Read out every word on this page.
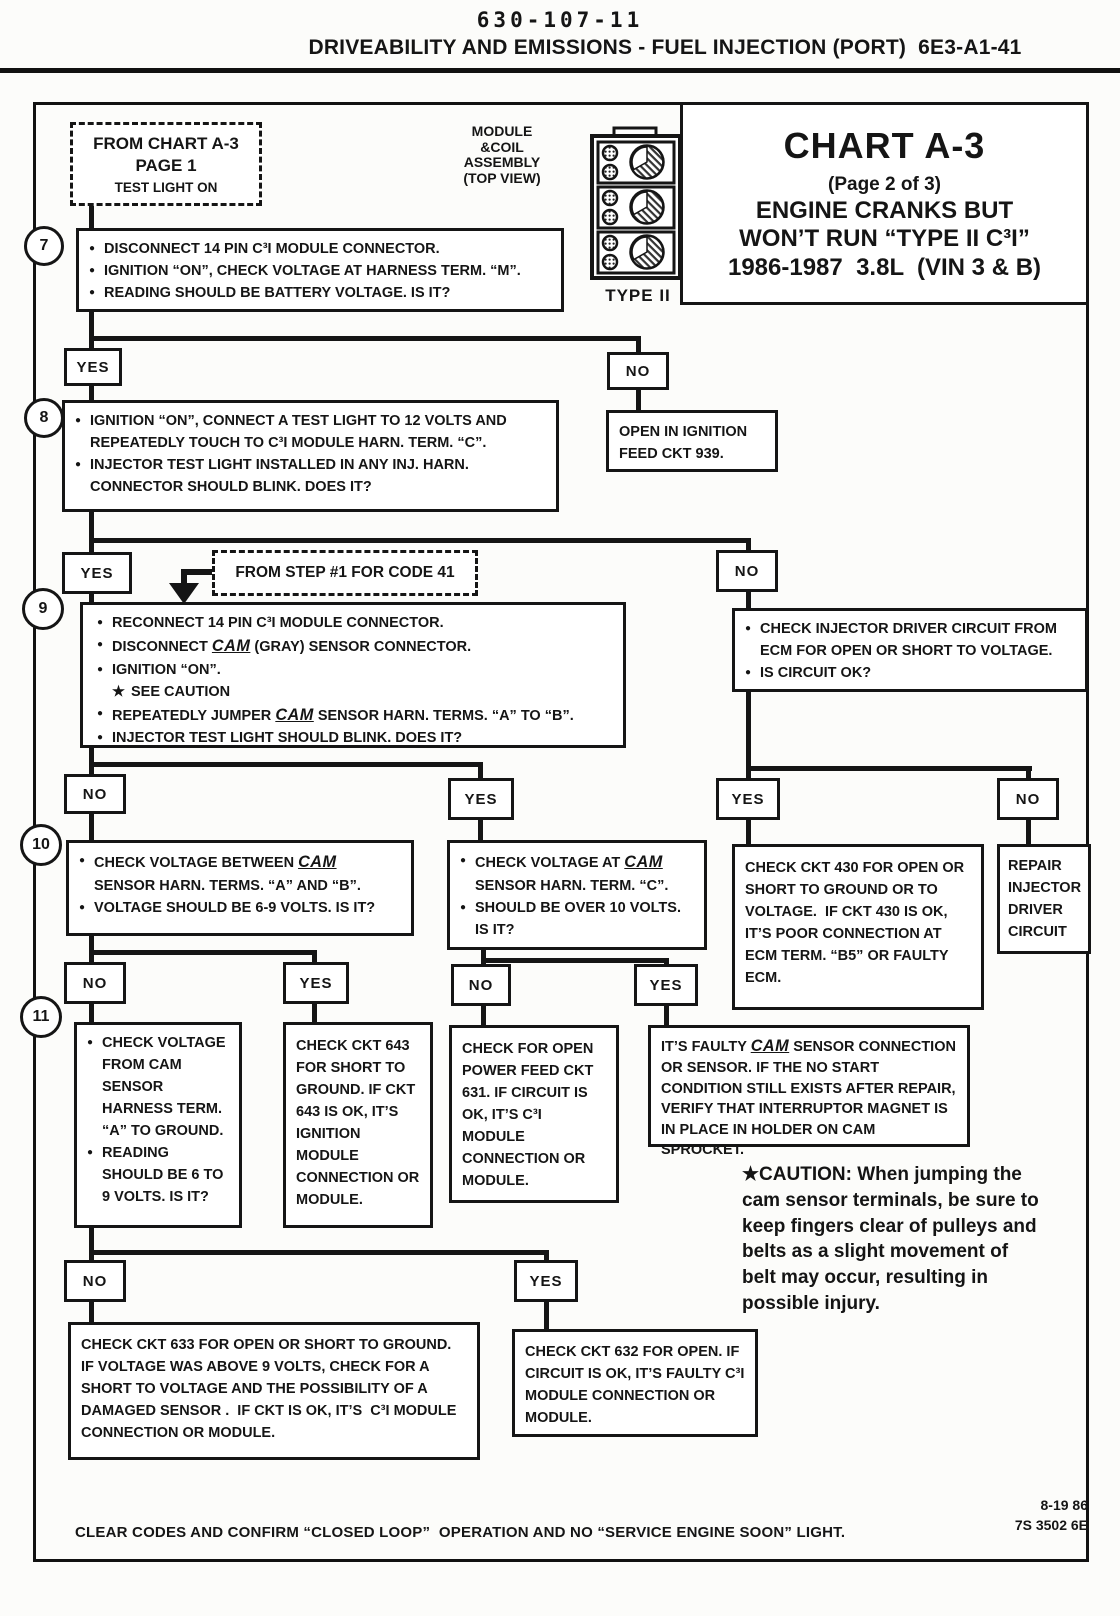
630-107-11
DRIVEABILITY AND EMISSIONS - FUEL INJECTION (PORT)  6E3-A1-41
CHART A-3
(Page 2 of 3)
ENGINE CRANKS BUT
WON’T RUN “TYPE II C³I”
1986-1987  3.8L  (VIN 3 & B)
FROM CHART A-3
PAGE 1
TEST LIGHT ON
MODULE
&COIL
ASSEMBLY
(TOP VIEW)
TYPE II
7	● DISCONNECT 14 PIN C³I MODULE CONNECTOR.
● IGNITION “ON”, CHECK VOLTAGE AT HARNESS TERM. “M”.
● READING SHOULD BE BATTERY VOLTAGE. IS IT?
YES	NO
OPEN IN IGNITION FEED CKT 939.
8	● IGNITION “ON”, CONNECT A TEST LIGHT TO 12 VOLTS AND REPEATEDLY TOUCH TO C³I MODULE HARN. TERM. “C”.
● INJECTOR TEST LIGHT INSTALLED IN ANY INJ. HARN. CONNECTOR SHOULD BLINK. DOES IT?
YES	NO
FROM STEP #1 FOR CODE 41
9
● RECONNECT 14 PIN C³I MODULE CONNECTOR.
● DISCONNECT CAM (GRAY) SENSOR CONNECTOR.
● IGNITION “ON”.
★ SEE CAUTION
● REPEATEDLY JUMPER CAM SENSOR HARN. TERMS. “A” TO “B”.
● INJECTOR TEST LIGHT SHOULD BLINK. DOES IT?
● CHECK INJECTOR DRIVER CIRCUIT FROM ECM FOR OPEN OR SHORT TO VOLTAGE.
● IS CIRCUIT OK?
NO	YES	YES	NO
10
● CHECK VOLTAGE BETWEEN CAM SENSOR HARN. TERMS. “A” AND “B”.
● VOLTAGE SHOULD BE 6-9 VOLTS. IS IT?
● CHECK VOLTAGE AT CAM SENSOR HARN. TERM. “C”.
● SHOULD BE OVER 10 VOLTS. IS IT?
CHECK CKT 430 FOR OPEN OR SHORT TO GROUND OR TO VOLTAGE.  IF CKT 430 IS OK, IT’S POOR CONNECTION AT ECM TERM. “B5” OR FAULTY ECM.
REPAIR INJECTOR DRIVER CIRCUIT
NO	YES	NO	YES
11
● CHECK VOLTAGE FROM CAM SENSOR HARNESS TERM. “A” TO GROUND.
● READING SHOULD BE 6 TO 9 VOLTS. IS IT?
CHECK CKT 643 FOR SHORT TO GROUND. IF CKT 643 IS OK, IT’S IGNITION MODULE CONNECTION OR MODULE.
CHECK FOR OPEN POWER FEED CKT 631. IF CIRCUIT IS OK, IT’S C³I MODULE CONNECTION OR MODULE.
IT’S FAULTY CAM SENSOR CONNECTION OR SENSOR. IF THE NO START CONDITION STILL EXISTS AFTER REPAIR, VERIFY THAT INTERRUPTOR MAGNET IS IN PLACE IN HOLDER ON CAM SPROCKET.
★CAUTION: When jumping the cam sensor terminals, be sure to keep fingers clear of pulleys and belts as a slight movement of belt may occur, resulting in possible injury.
NO	YES
CHECK CKT 633 FOR OPEN OR SHORT TO GROUND.  IF VOLTAGE WAS ABOVE 9 VOLTS, CHECK FOR A SHORT TO VOLTAGE AND THE POSSIBILITY OF A DAMAGED SENSOR .  IF CKT IS OK, IT’S  C³I MODULE CONNECTION OR MODULE.
CHECK CKT 632 FOR OPEN. IF CIRCUIT IS OK, IT’S FAULTY C³I MODULE CONNECTION OR MODULE.
8-19 86
7S 3502 6E
CLEAR CODES AND CONFIRM “CLOSED LOOP”  OPERATION AND NO “SERVICE ENGINE SOON” LIGHT.
